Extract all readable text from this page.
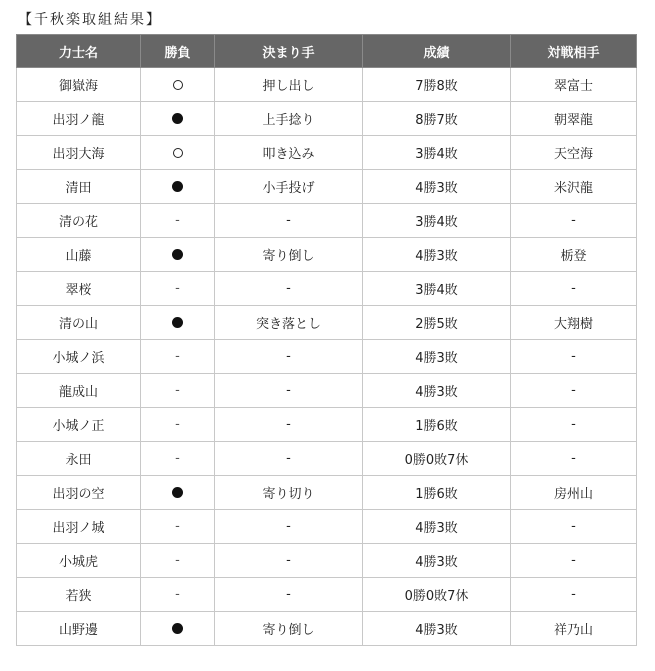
【千秋楽取組結果】
力士名	勝負	決まり手	成績	対戦相手
御嶽海		押し出し	7勝8敗	翠富士
出羽ノ龍		上手捻り	8勝7敗	朝翠龍
出羽大海		叩き込み	3勝4敗	天空海
清田		小手投げ	4勝3敗	米沢龍
清の花	-	-	3勝4敗	-
山藤		寄り倒し	4勝3敗	栃登
翠桜	-	-	3勝4敗	-
清の山		突き落とし	2勝5敗	大翔樹
小城ノ浜	-	-	4勝3敗	-
龍成山	-	-	4勝3敗	-
小城ノ正	-	-	1勝6敗	-
永田	-	-	0勝0敗7休	-
出羽の空		寄り切り	1勝6敗	房州山
出羽ノ城	-	-	4勝3敗	-
小城虎	-	-	4勝3敗	-
若狭	-	-	0勝0敗7休	-
山野邊		寄り倒し	4勝3敗	祥乃山
